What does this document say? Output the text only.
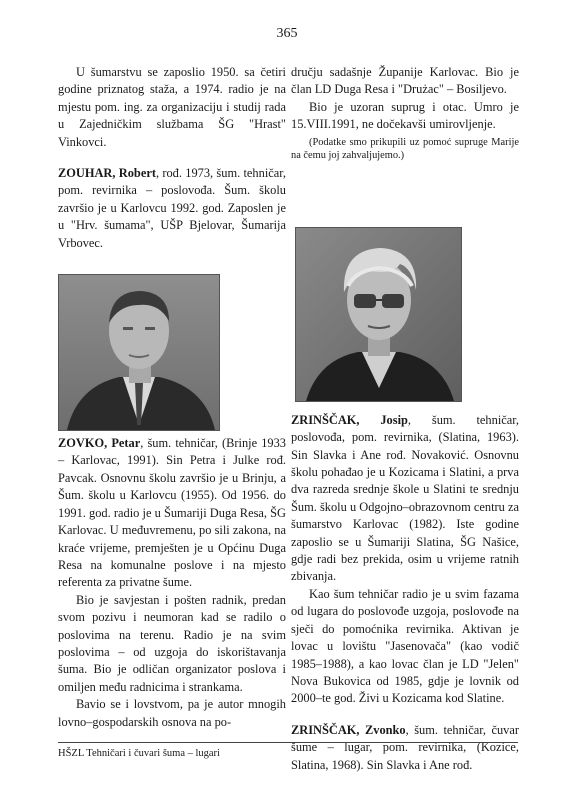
365

U šumarstvu se zaposlio 1950. sa četiri godine priznatog staža, a 1974. radio je na mjestu pom. ing. za organizaciju i studij rada u Zajedničkim službama ŠG "Hrast" Vinkovci.

ZOUHAR, Robert, rođ. 1973, šum. tehničar, pom. revirnika – poslovođa. Šum. školu završio je u Karlovcu 1992. god. Zaposlen je u "Hrv. šumama", UŠP Bjelovar, Šumarija Vrbovec.

ZOVKO, Petar, šum. tehničar, (Brinje 1933 – Karlovac, 1991). Sin Petra i Julke rođ. Pavcak. Osnovnu školu završio je u Brinju, a Šum. školu u Karlovcu (1955). Od 1956. do 1991. god. radio je u Šumariji Duga Resa, ŠG Karlovac. U međuvremenu, po sili zakona, na kraće vrijeme, premješten je u Općinu Duga Resa na komunalne poslove i na mjesto referenta za privatne šume.

Bio je savjestan i pošten radnik, predan svom pozivu i neumoran kad se radilo o poslovima na terenu. Radio je na svim poslovima – od uzgoja do iskorištavanja šuma. Bio je odličan organizator poslova i omiljen među radnicima i strankama.

Bavio se i lovstvom, pa je autor mnogih lovno–gospodarskih osnova na po-

dručju sadašnje Županije Karlovac. Bio je član LD Duga Resa i "Drużac" – Bosiljevo.

Bio je uzoran suprug i otac. Umro je 15.VIII.1991, ne dočekavši umirovljenje.

(Podatke smo prikupili uz pomoć supruge Marije na čemu joj zahvaljujemo.)

ZRINŠČAK, Josip, šum. tehničar, poslovođa, pom. revirnika, (Slatina, 1963). Sin Slavka i Ane rođ. Novaković. Osnovnu školu pohađao je u Kozicama i Slatini, a prva dva razreda srednje škole u Slatini te srednju Šum. školu u Odgojno–obrazovnom centru za šumarstvo Karlovac (1982). Iste godine zaposlio se u Šumariji Slatina, ŠG Našice, gdje radi bez prekida, osim u vrijeme ratnih zbivanja.

Kao šum tehničar radio je u svim fazama od lugara do poslovođe uzgoja, poslovođe na sječi do pomoćnika revirnika. Aktivan je lovac u lovištu "Jasenovača" (kao vodič 1985–1988), a kao lovac član je LD "Jelen" Nova Bukovica od 1985, gdje je lovnik od 2000–te god. Živi u Kozicama kod Slatine.

ZRINŠČAK, Zvonko, šum. tehničar, čuvar šume – lugar, pom. revirnika, (Kozice, Slatina, 1968). Sin Slavka i Ane rođ.

HŠZL Tehničari i čuvari šuma – lugari
